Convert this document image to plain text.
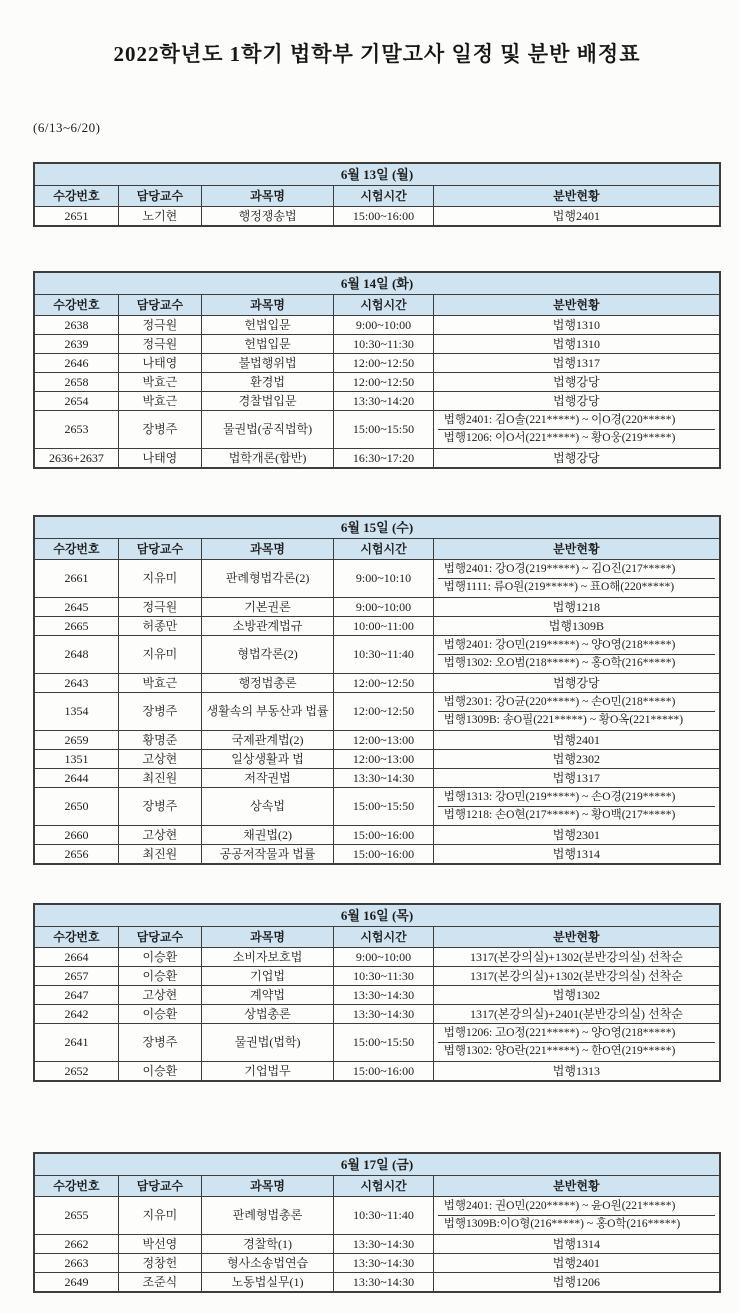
2022학년도 1학기 법학부 기말고사 일정 및 분반 배정표
(6/13~6/20)
6월 13일 (월)				
수강번호	담당교수	과목명	시험시간	분반현황
2651	노기현	행정쟁송법	15:00~16:00	법행2401
6월 14일 (화)				
수강번호	담당교수	과목명	시험시간	분반현황
2638	정극원	헌법입문	9:00~10:00	법행1310
2639	정극원	헌법입문	10:30~11:30	법행1310
2646	나태영	불법행위법	12:00~12:50	법행1317
2658	박효근	환경법	12:00~12:50	법행강당
2654	박효근	경찰법입문	13:30~14:20	법행강당
2653	장병주	물권법(공직법학)	15:00~15:50	법행2401: 김O솔(221*****) ~ 이O경(220*****)
법행1206: 이O서(221*****) ~ 황O웅(219*****)

2636+2637	나태영	법학개론(합반)	16:30~17:20	법행강당
6월 15일 (수)				
수강번호	담당교수	과목명	시험시간	분반현황
2661	지유미	판례형법각론(2)	9:00~10:10	법행2401: 강O경(219*****) ~ 김O진(217*****)
법행1111: 류O원(219*****) ~ 표O해(220*****)

2645	정극원	기본권론	9:00~10:00	법행1218
2665	허종만	소방관계법규	10:00~11:00	법행1309B
2648	지유미	형법각론(2)	10:30~11:40	법행2401: 강O민(219*****) ~ 양O영(218*****)
법행1302: 오O범(218*****) ~ 홍O학(216*****)

2643	박효근	행정법총론	12:00~12:50	법행강당
1354	장병주	생활속의 부동산과 법률	12:00~12:50	법행2301: 강O균(220*****) ~ 손O민(218*****)
법행1309B: 송O필(221*****) ~ 황O옥(221*****)

2659	황명준	국제관계법(2)	12:00~13:00	법행2401
1351	고상현	일상생활과 법	12:00~13:00	법행2302
2644	최진원	저작권법	13:30~14:30	법행1317
2650	장병주	상속법	15:00~15:50	법행1313: 강O민(219*****) ~ 손O경(219*****)
법행1218: 손O현(217*****) ~ 황O백(217*****)

2660	고상현	채권법(2)	15:00~16:00	법행2301
2656	최진원	공공저작물과 법률	15:00~16:00	법행1314
6월 16일 (목)				
수강번호	담당교수	과목명	시험시간	분반현황
2664	이승환	소비자보호법	9:00~10:00	1317(본강의실)+1302(분반강의실) 선착순
2657	이승환	기업법	10:30~11:30	1317(본강의실)+1302(분반강의실) 선착순
2647	고상현	계약법	13:30~14:30	법행1302
2642	이승환	상법총론	13:30~14:30	1317(본강의실)+2401(분반강의실) 선착순
2641	장병주	물권법(법학)	15:00~15:50	법행1206: 고O정(221*****) ~ 양O영(218*****)
법행1302: 양O란(221*****) ~ 한O연(219*****)

2652	이승환	기업법무	15:00~16:00	법행1313
6월 17일 (금)				
수강번호	담당교수	과목명	시험시간	분반현황
2655	지유미	판례형법총론	10:30~11:40	법행2401: 권O민(220*****) ~ 윤O원(221*****)
법행1309B:이O형(216*****) ~ 홍O학(216*****)

2662	박선영	경찰학(1)	13:30~14:30	법행1314
2663	정창헌	형사소송법연습	13:30~14:30	법행2401
2649	조준식	노동법실무(1)	13:30~14:30	법행1206
